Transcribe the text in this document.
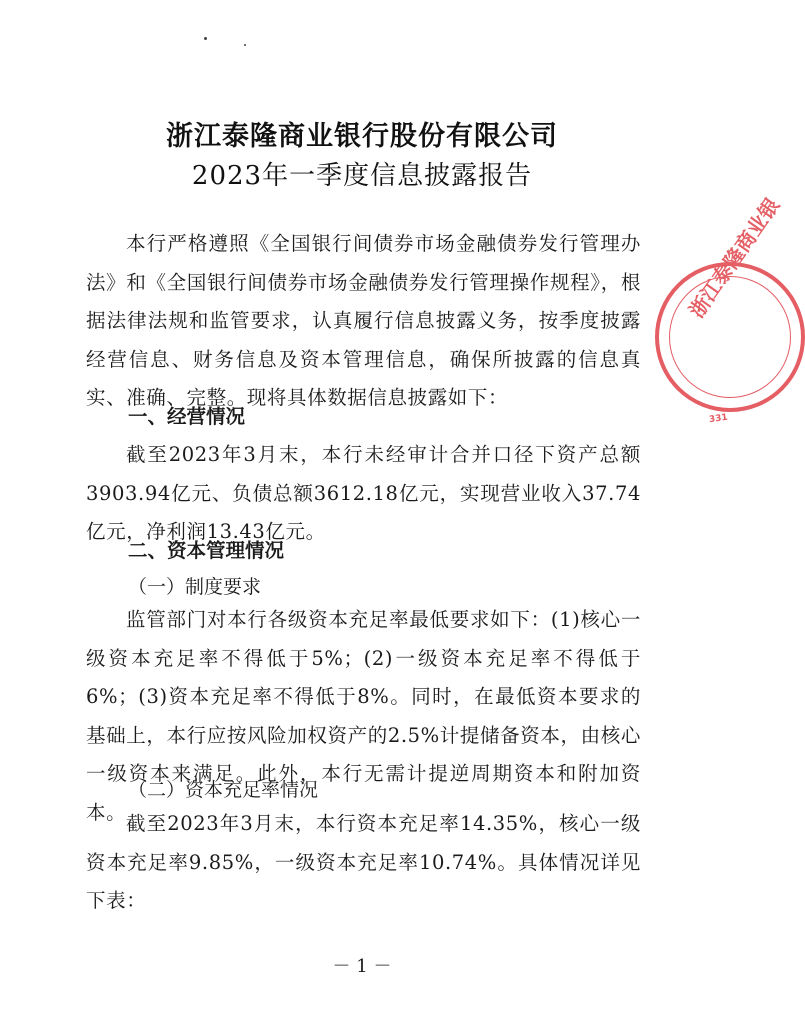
浙江泰隆商业银行股份有限公司
2023年一季度信息披露报告

本行严格遵照《全国银行间债券市场金融债券发行管理办法》和《全国银行间债券市场金融债券发行管理操作规程》，根据法律法规和监管要求，认真履行信息披露义务，按季度披露经营信息、财务信息及资本管理信息，确保所披露的信息真实、准确、完整。现将具体数据信息披露如下：

一、经营情况

截至2023年3月末，本行未经审计合并口径下资产总额3903.94亿元、负债总额3612.18亿元，实现营业收入37.74亿元，净利润13.43亿元。

二、资本管理情况

（一）制度要求

监管部门对本行各级资本充足率最低要求如下：(1)核心一级资本充足率不得低于5%；(2)一级资本充足率不得低于6%；(3)资本充足率不得低于8%。同时，在最低资本要求的基础上，本行应按风险加权资产的2.5%计提储备资本，由核心一级资本来满足。此外，本行无需计提逆周期资本和附加资本。

（二）资本充足率情况

截至2023年3月末，本行资本充足率14.35%，核心一级资本充足率9.85%，一级资本充足率10.74%。具体情况详见下表：

－ 1 －
浙江泰隆商业银
331
